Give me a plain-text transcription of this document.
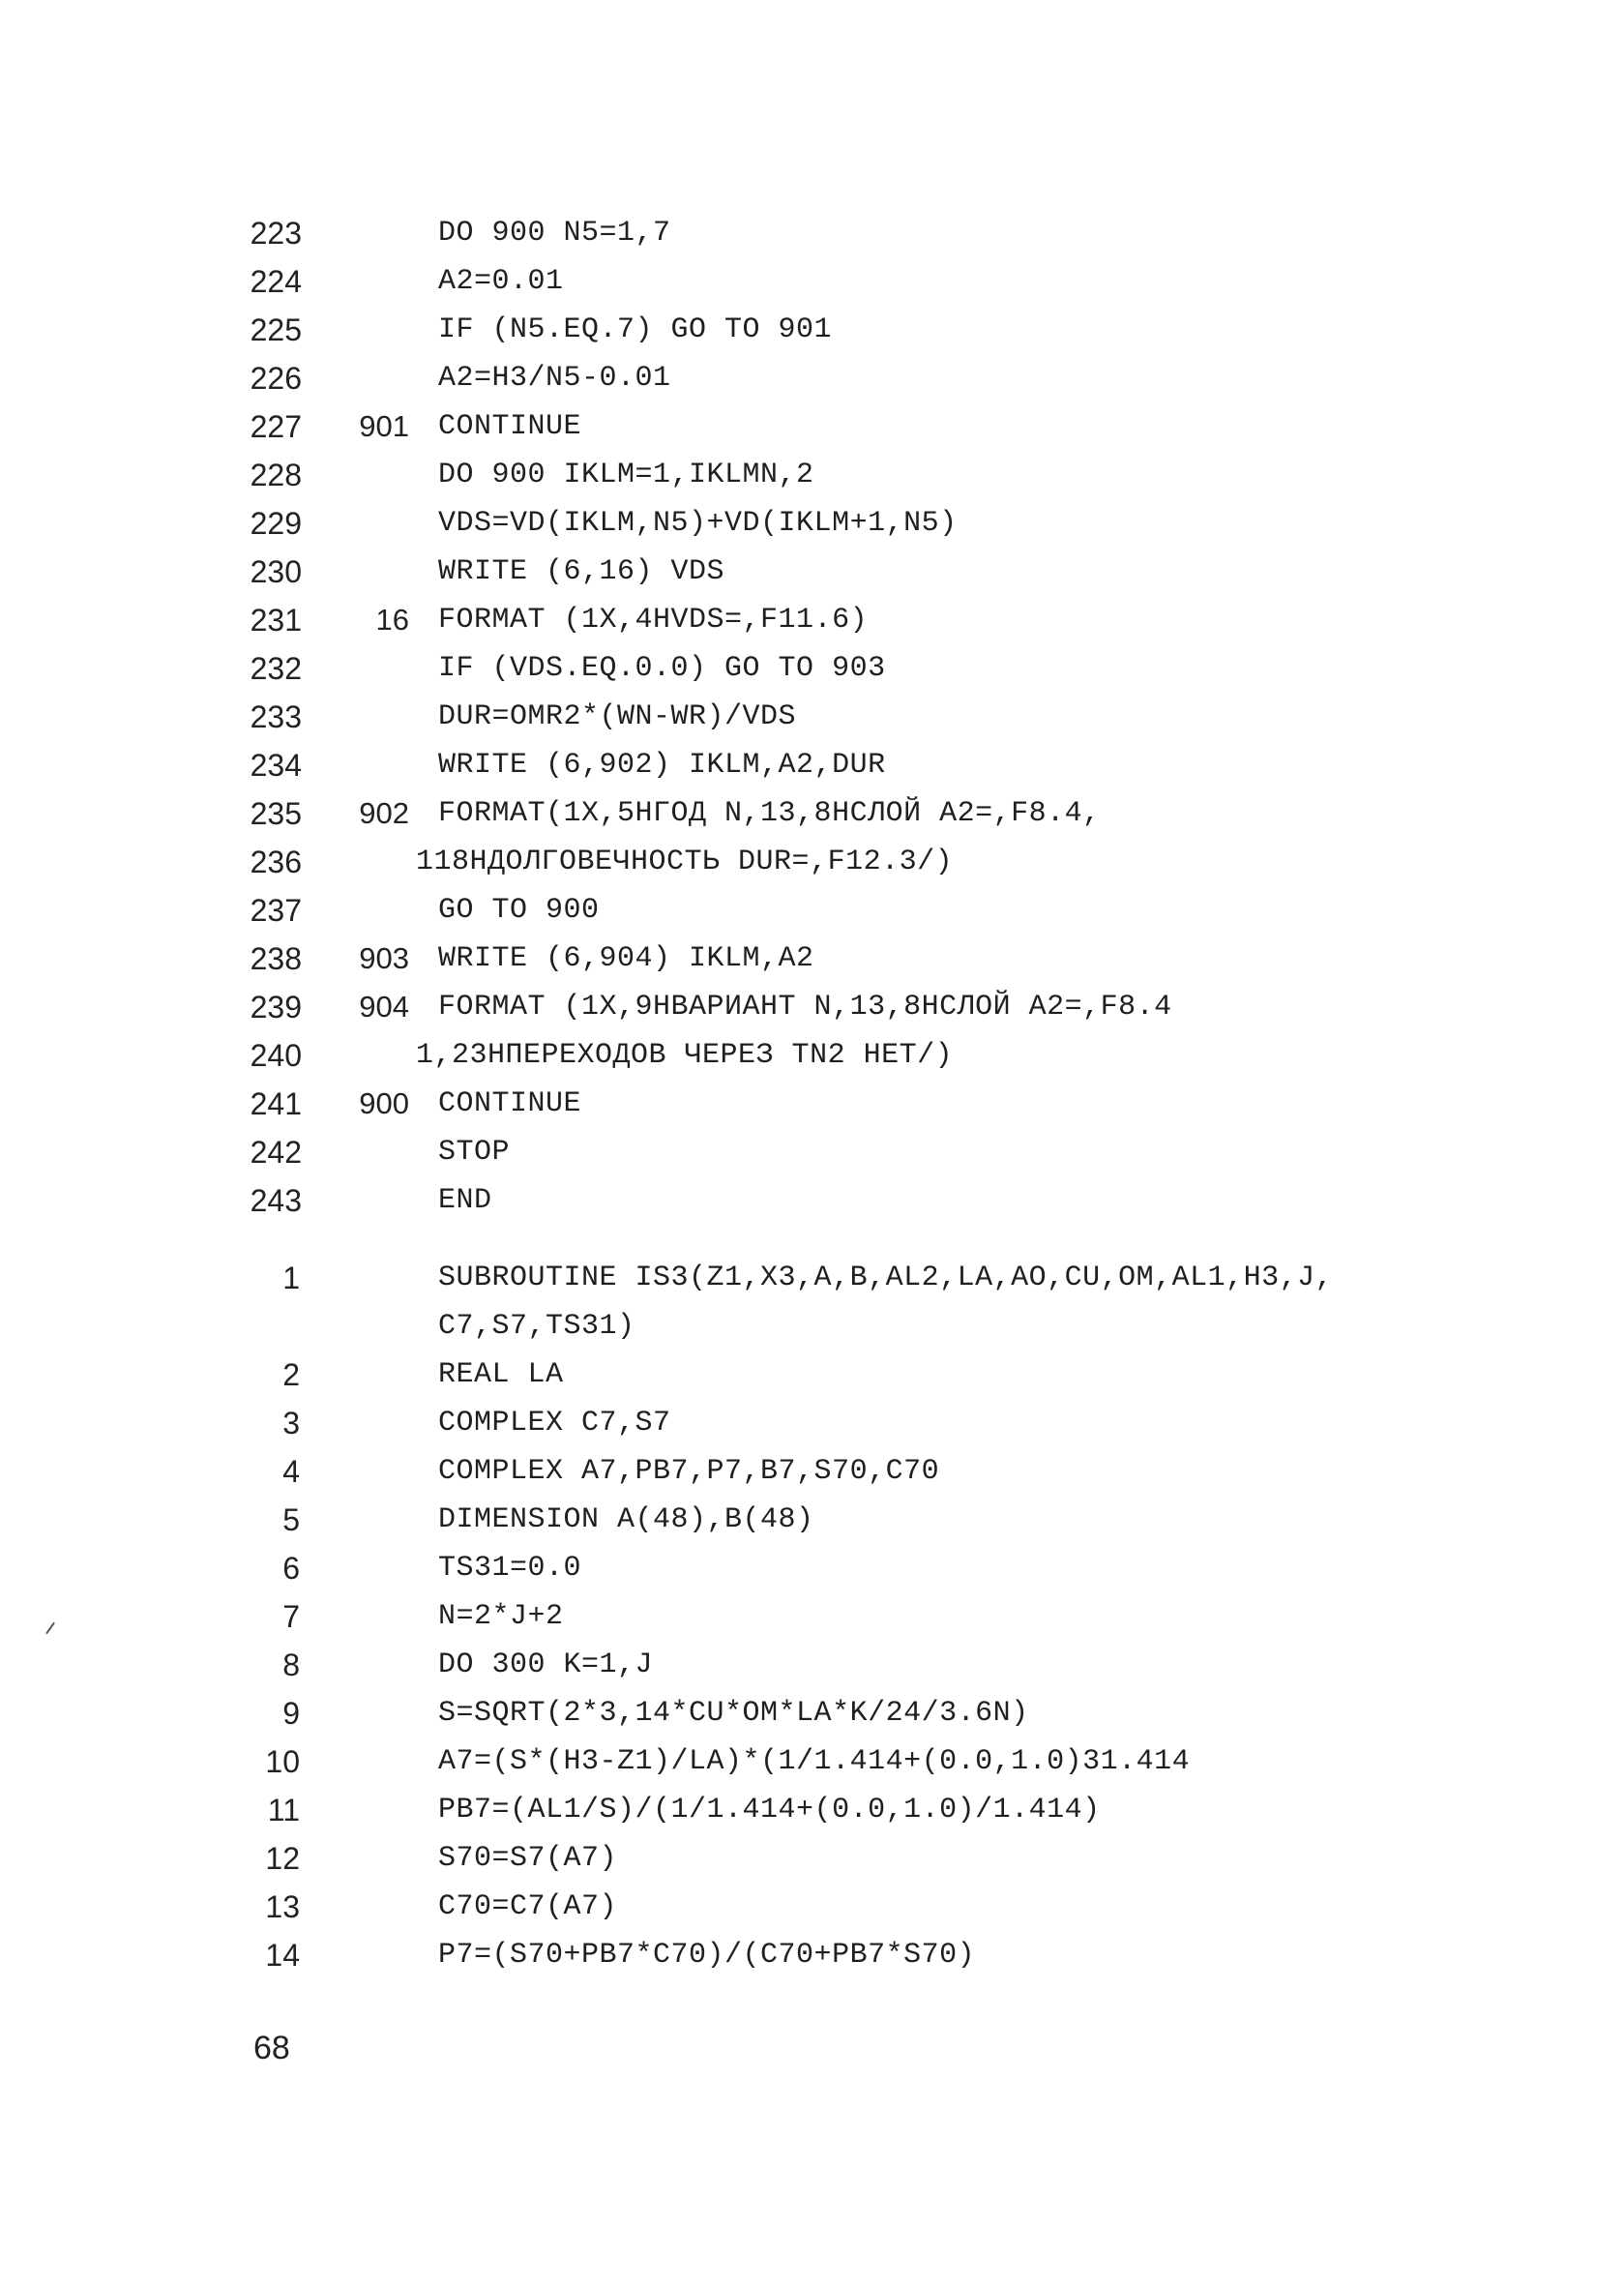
223	DO 900 N5=1,7
224	A2=0.01
225	IF (N5.EQ.7) GO TO 901
226	A2=H3/N5-0.01
227	901 CONTINUE
228	DO 900 IKLM=1,IKLMN,2
229	VDS=VD(IKLM,N5)+VD(IKLM+1,N5)
230	WRITE (6,16) VDS
231	16 FORMAT (1X,4HVDS=,F11.6)
232	IF (VDS.EQ.0.0) GO TO 903
233	DUR=OMR2*(WN-WR)/VDS
234	WRITE (6,902) IKLM,A2,DUR
235	902 FORMAT(1X,5HГОД N,13,8HСЛОЙ A2=,F8.4,
236	118HДОЛГОВЕЧНОСТЬ DUR=,F12.3/)
237	GO TO 900
238	903 WRITE (6,904) IKLM,A2
239	904 FORMAT (1X,9HВАРИАНТ N,13,8HСЛОЙ A2=,F8.4
240	1,23HПЕРЕХОДОВ ЧЕРЕЗ TN2 НЕТ/)
241	900 CONTINUE
242	STOP
243	END
1	SUBROUTINE IS3(Z1,X3,A,B,AL2,LA,AO,CU,OM,AL1,H3,J,
C7,S7,TS31)
2	REAL LA
3	COMPLEX C7,S7
4	COMPLEX A7,PB7,P7,B7,S70,C70
5	DIMENSION A(48),B(48)
6	TS31=0.0
7	N=2*J+2
8	DO 300 K=1,J
9	S=SQRT(2*3,14*CU*OM*LA*K/24/3.6N)
10	A7=(S*(H3-Z1)/LA)*(1/1.414+(0.0,1.0)31.414
11	PB7=(AL1/S)/(1/1.414+(0.0,1.0)/1.414)
12	S70=S7(A7)
13	C70=C7(A7)
14	P7=(S70+PB7*C70)/(C70+PB7*S70)
68
